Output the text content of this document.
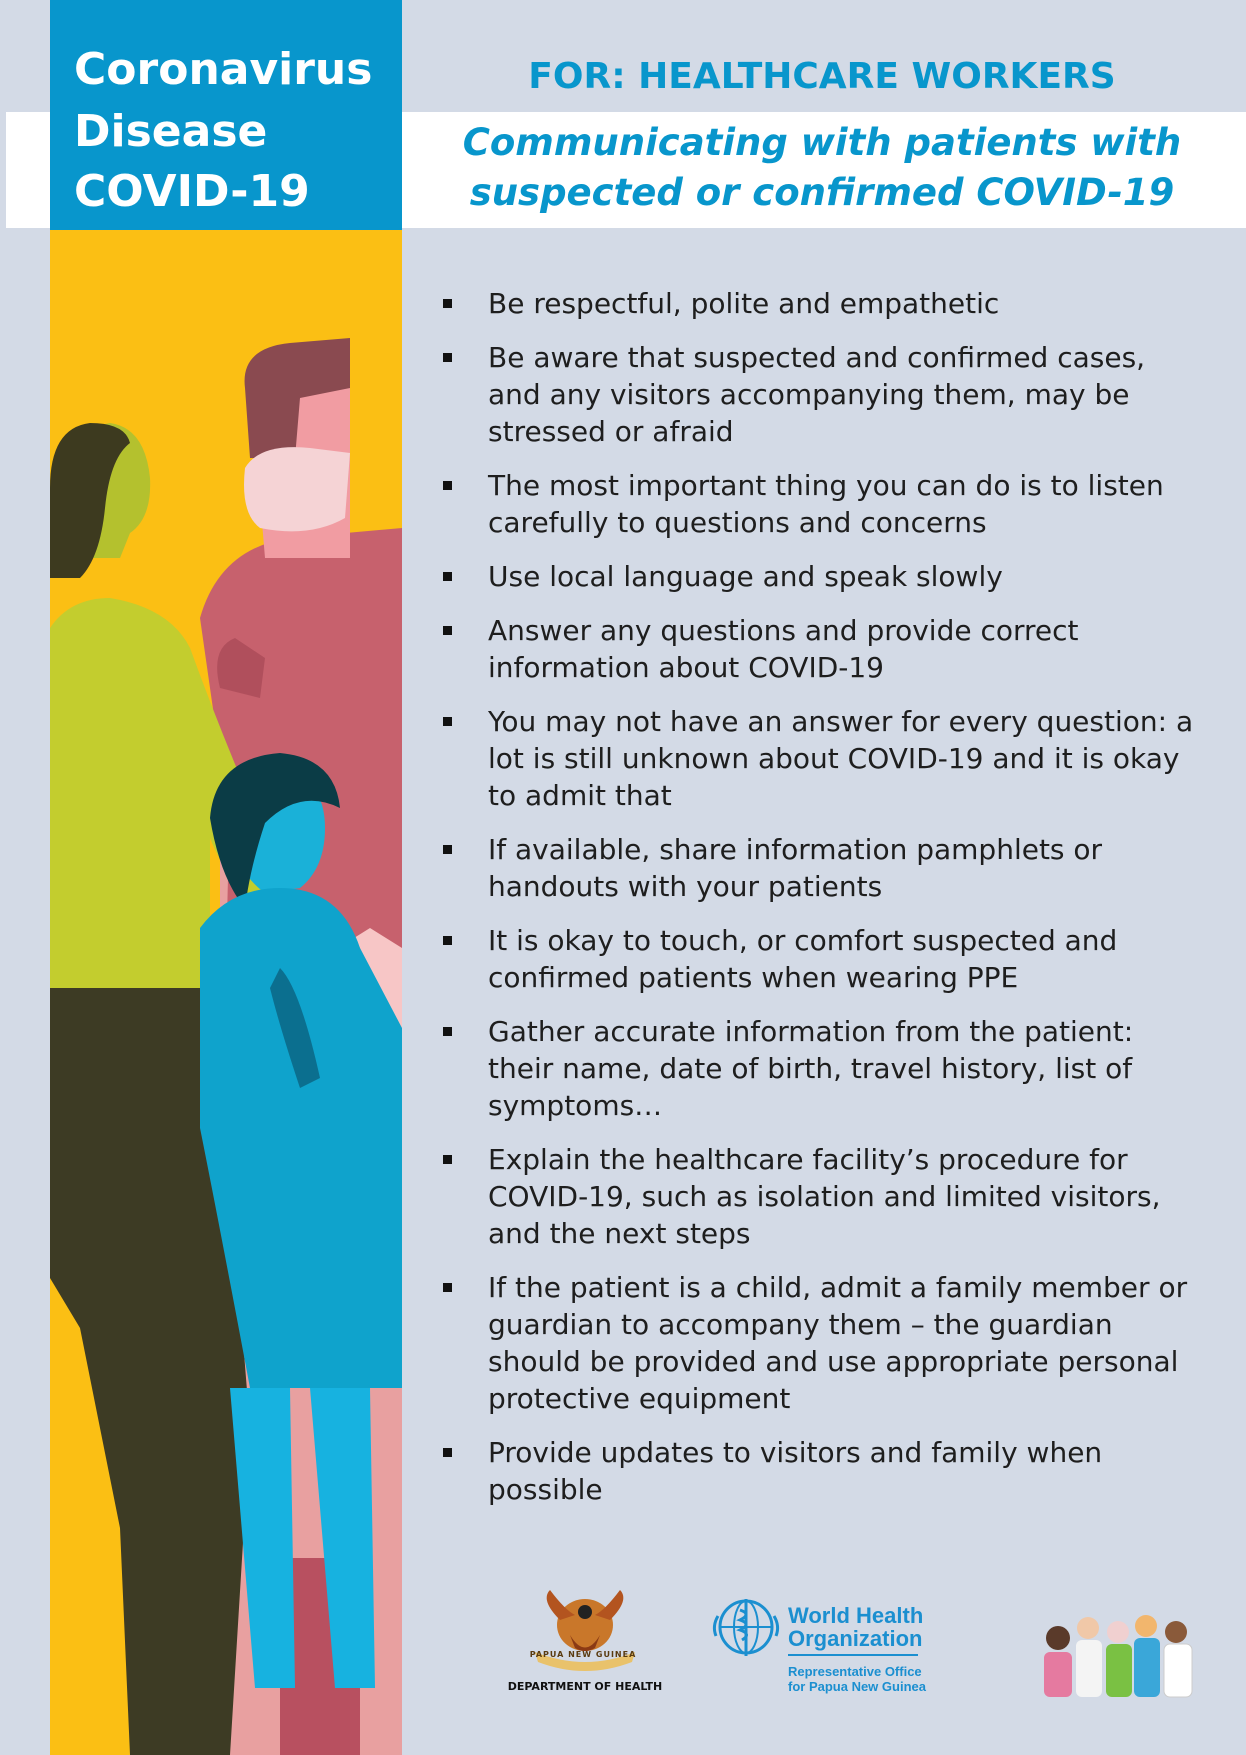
Coronavirus
Disease
COVID-19
FOR: HEALTHCARE WORKERS
Communicating with patients with
suspected or confirmed COVID-19
Be respectful, polite and empathetic
Be aware that suspected and confirmed cases, and any visitors accompanying them, may be stressed or afraid
The most important thing you can do is to listen carefully to questions and concerns
Use local language and speak slowly
Answer any questions and provide correct information about COVID-19
You may not have an answer for every question: a lot is still unknown about COVID-19 and it is okay to admit that
If available, share information pamphlets or handouts with your patients
It is okay to touch, or comfort suspected and confirmed patients when wearing PPE
Gather accurate information from the patient: their name, date of birth, travel history, list of symptoms…
Explain the healthcare facility’s procedure for COVID-19, such as isolation and limited visitors, and the next steps
If the patient is a child, admit a family member or guardian to accompany them – the guardian should be provided and use appropriate personal protective equipment
Provide updates to visitors and family when possible
PAPUA NEW GUINEA
DEPARTMENT OF HEALTH
World Health
Organization
Representative Office
for Papua New Guinea
